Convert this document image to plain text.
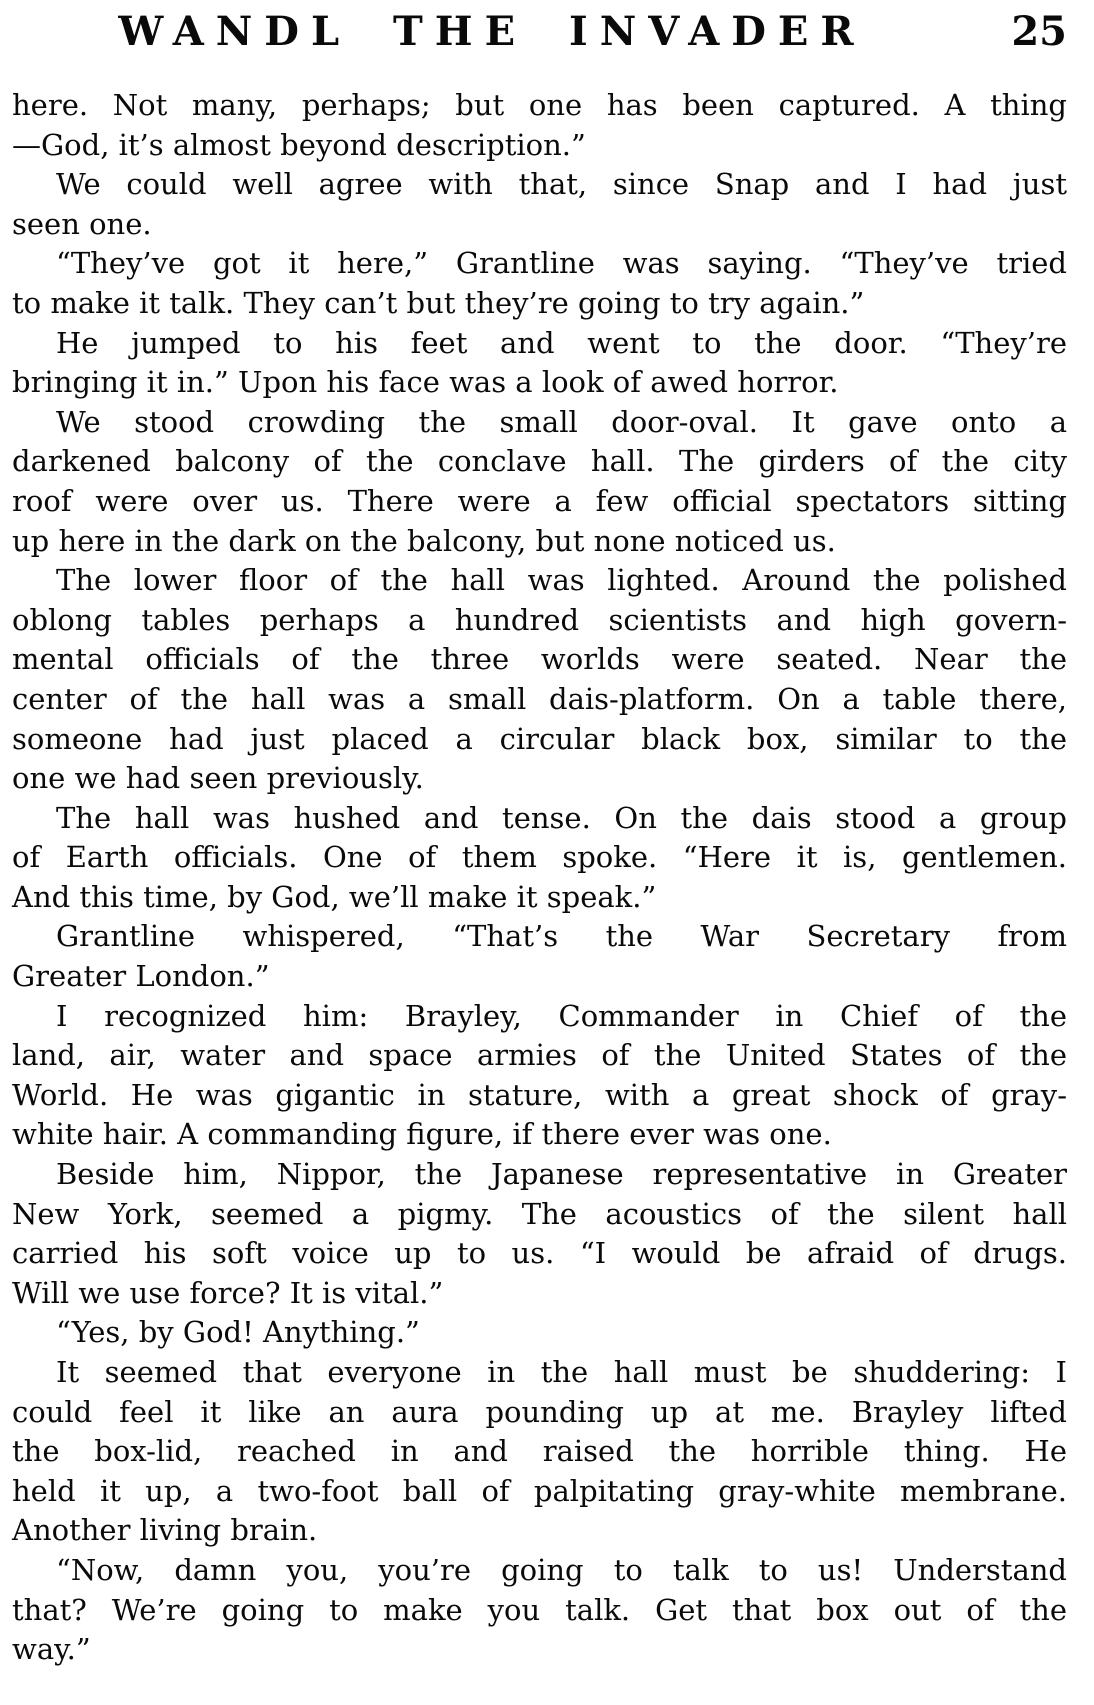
WANDL THE INVADER	25
here. Not many, perhaps; but one has been captured. A thing
—God, it’s almost beyond description.”
We could well agree with that, since Snap and I had just
seen one.
“They’ve got it here,” Grantline was saying. “They’ve tried
to make it talk. They can’t but they’re going to try again.”
He jumped to his feet and went to the door. “They’re
bringing it in.” Upon his face was a look of awed horror.
We stood crowding the small door-oval. It gave onto a
darkened balcony of the conclave hall. The girders of the city
roof were over us. There were a few official spectators sitting
up here in the dark on the balcony, but none noticed us.
The lower floor of the hall was lighted. Around the polished
oblong tables perhaps a hundred scientists and high govern-
mental officials of the three worlds were seated. Near the
center of the hall was a small dais-platform. On a table there,
someone had just placed a circular black box, similar to the
one we had seen previously.
The hall was hushed and tense. On the dais stood a group
of Earth officials. One of them spoke. “Here it is, gentlemen.
And this time, by God, we’ll make it speak.”
Grantline whispered, “That’s the War Secretary from
Greater London.”
I recognized him: Brayley, Commander in Chief of the
land, air, water and space armies of the United States of the
World. He was gigantic in stature, with a great shock of gray-
white hair. A commanding figure, if there ever was one.
Beside him, Nippor, the Japanese representative in Greater
New York, seemed a pigmy. The acoustics of the silent hall
carried his soft voice up to us. “I would be afraid of drugs.
Will we use force? It is vital.”
“Yes, by God! Anything.”
It seemed that everyone in the hall must be shuddering: I
could feel it like an aura pounding up at me. Brayley lifted
the box-lid, reached in and raised the horrible thing. He
held it up, a two-foot ball of palpitating gray-white membrane.
Another living brain.
“Now, damn you, you’re going to talk to us! Understand
that? We’re going to make you talk. Get that box out of the
way.”
